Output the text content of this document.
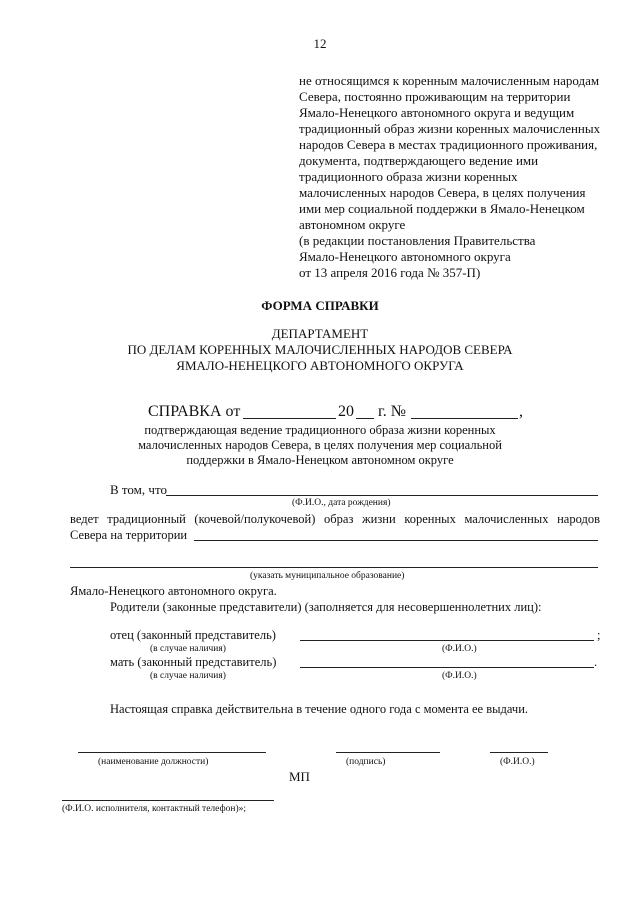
12
не относящимся к коренным малочисленным народам
Севера, постоянно проживающим на территории
Ямало-Ненецкого автономного округа и ведущим
традиционный образ жизни коренных малочисленных
народов Севера в местах традиционного проживания,
документа, подтверждающего ведение ими
традиционного образа жизни коренных
малочисленных народов Севера, в целях получения
ими мер социальной поддержки в Ямало-Ненецком
автономном округе
(в редакции постановления Правительства
Ямало-Ненецкого автономного округа
от 13 апреля 2016 года № 357-П)
ФОРМА СПРАВКИ
ДЕПАРТАМЕНТ
ПО ДЕЛАМ КОРЕННЫХ МАЛОЧИСЛЕННЫХ НАРОДОВ СЕВЕРА
ЯМАЛО-НЕНЕЦКОГО АВТОНОМНОГО ОКРУГА
СПРАВКА от	20 г. №	,
подтверждающая ведение традиционного образа жизни коренных
малочисленных народов Севера, в целях получения мер социальной
поддержки в Ямало-Ненецком автономном округе
В том, что
(Ф.И.О., дата рождения)
ведет традиционный (кочевой/полукочевой) образ жизни коренных малочисленных народов
Севера на территории
(указать муниципальное образование)
Ямало-Ненецкого автономного округа.
Родители (законные представители) (заполняется для несовершеннолетних лиц):
отец (законный представитель)	;
(в случае наличия)	(Ф.И.О.)
мать (законный представитель)	.
(в случае наличия)	(Ф.И.О.)
Настоящая справка действительна в течение одного года с момента ее выдачи.
(наименование должности)	(подпись)	(Ф.И.О.)
МП
(Ф.И.О. исполнителя, контактный телефон)»;
